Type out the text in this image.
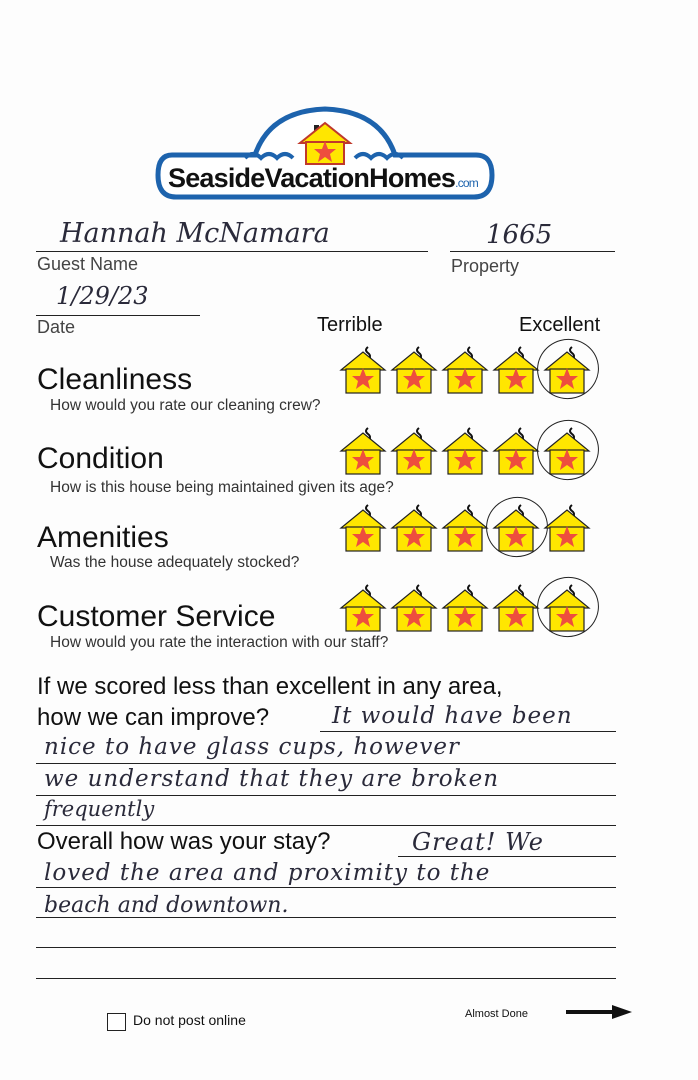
SeasideVacationHomes.com
Hannah McNamara
Guest Name
1665
Property
1/29/23
Date	Terrible	Excellent
Cleanliness
How would you rate our cleaning crew?
Condition
How is this house being maintained given its age?
Amenities
Was the house adequately stocked?
Customer Service
How would you rate the interaction with our staff?
If we scored less than excellent in any area,
how we can improve?	It would have been
nice to have glass cups, however
we understand that they are broken
frequently
Overall how was your stay?	Great! We
loved the area and proximity to the
beach and downtown.
Do not post online	Almost Done
